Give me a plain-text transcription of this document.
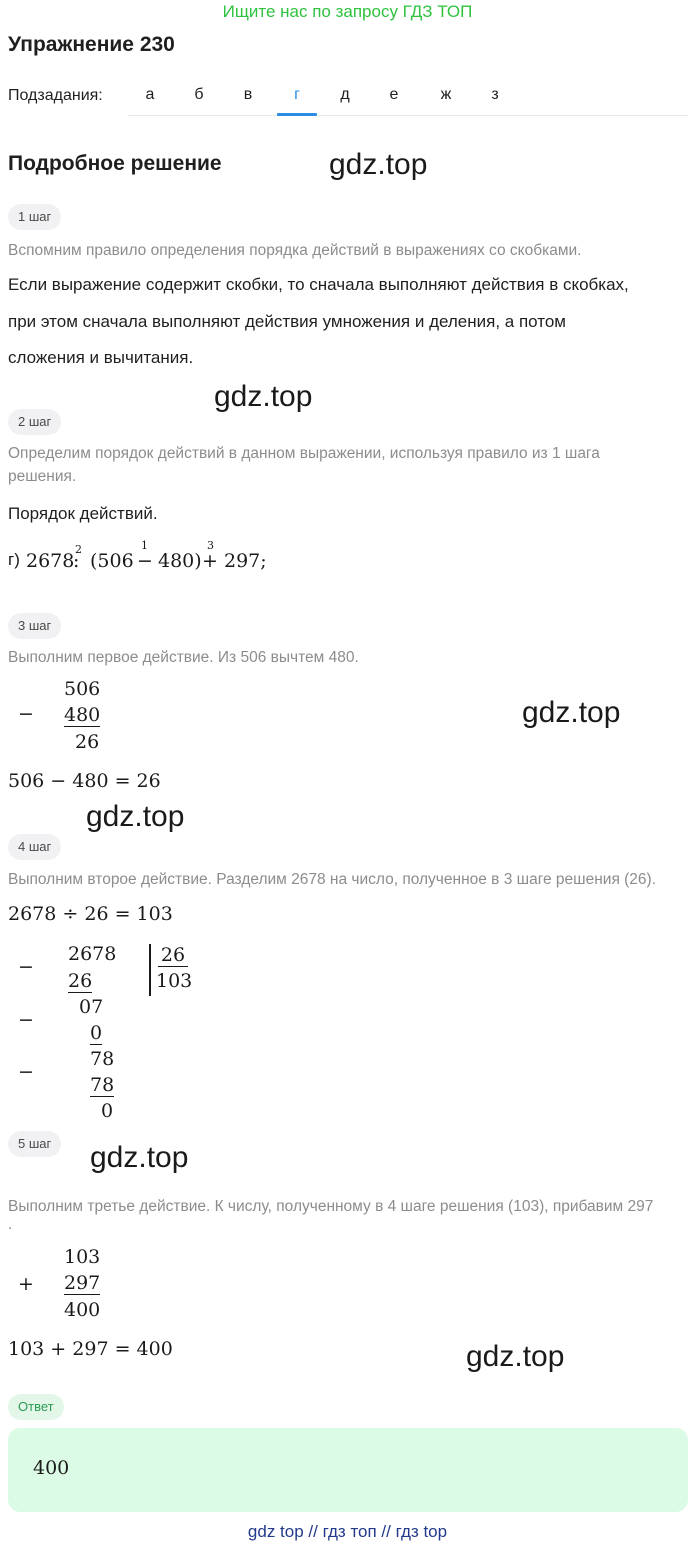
Ищите нас по запросу ГДЗ ТОП
Упражнение 230
Подзадания:	а	б	в	г	д	е	ж	з
Подробное решение	gdz.top
1 шаг
Вспомним правило определения порядка действий в выражениях со скобками.
Если выражение содержит скобки, то сначала выполняют действия в скобках,
при этом сначала выполняют действия умножения и деления, а потом
сложения и вычитания.
gdz.top
2 шаг
Определим порядок действий в данном выражении, используя правило из 1 шага
решения.
Порядок действий.
г) 2678
: (506 − 480) + 297;
2	1	3
3 шаг
Выполним первое действие. Из 506 вычтем 480.
−
506
480
26
gdz.top
506 − 480 = 26
gdz.top
4 шаг
Выполним второе действие. Разделим 2678 на число, полученное в 3 шаге решения (26).
2678 ÷ 26 = 103
−
−
−
2678
26
07
0
78
78
0
26
103
gdz.top
5 шаг
Выполним третье действие. К числу, полученному в 4 шаге решения (103), прибавим 297
.
+
103
297
400
103 + 297 = 400	gdz.top
Ответ
400
gdz top // гдз топ // гдз top
